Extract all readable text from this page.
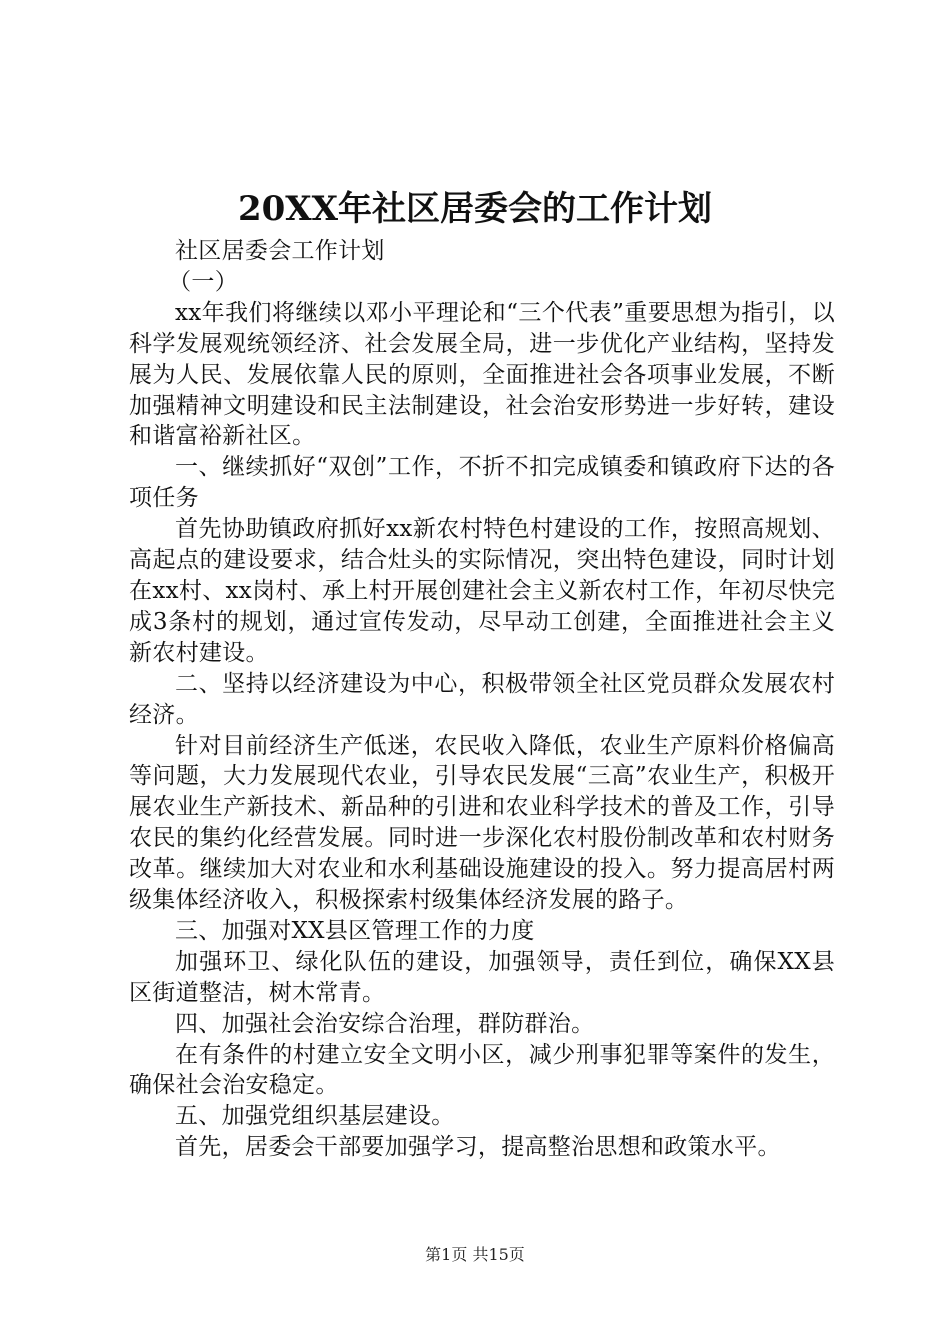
20XX年社区居委会的工作计划

社区居委会工作计划

（一）

xx年我们将继续以邓小平理论和“三个代表”重要思想为指引，以科学发展观统领经济、社会发展全局，进一步优化产业结构，坚持发展为人民、发展依靠人民的原则，全面推进社会各项事业发展，不断加强精神文明建设和民主法制建设，社会治安形势进一步好转，建设和谐富裕新社区。

一、继续抓好“双创”工作，不折不扣完成镇委和镇政府下达的各项任务

首先协助镇政府抓好xx新农村特色村建设的工作，按照高规划、高起点的建设要求，结合灶头的实际情况，突出特色建设，同时计划在xx村、xx岗村、承上村开展创建社会主义新农村工作，年初尽快完成3条村的规划，通过宣传发动，尽早动工创建，全面推进社会主义新农村建设。

二、坚持以经济建设为中心，积极带领全社区党员群众发展农村经济。

针对目前经济生产低迷，农民收入降低，农业生产原料价格偏高等问题，大力发展现代农业，引导农民发展“三高”农业生产，积极开展农业生产新技术、新品种的引进和农业科学技术的普及工作，引导农民的集约化经营发展。同时进一步深化农村股份制改革和农村财务改革。继续加大对农业和水利基础设施建设的投入。努力提高居村两级集体经济收入，积极探索村级集体经济发展的路子。

三、加强对XX县区管理工作的力度

加强环卫、绿化队伍的建设，加强领导，责任到位，确保XX县区街道整洁，树木常青。

四、加强社会治安综合治理，群防群治。

在有条件的村建立安全文明小区，减少刑事犯罪等案件的发生，确保社会治安稳定。

五、加强党组织基层建设。

首先，居委会干部要加强学习，提高整治思想和政策水平。

第1页 共15页
